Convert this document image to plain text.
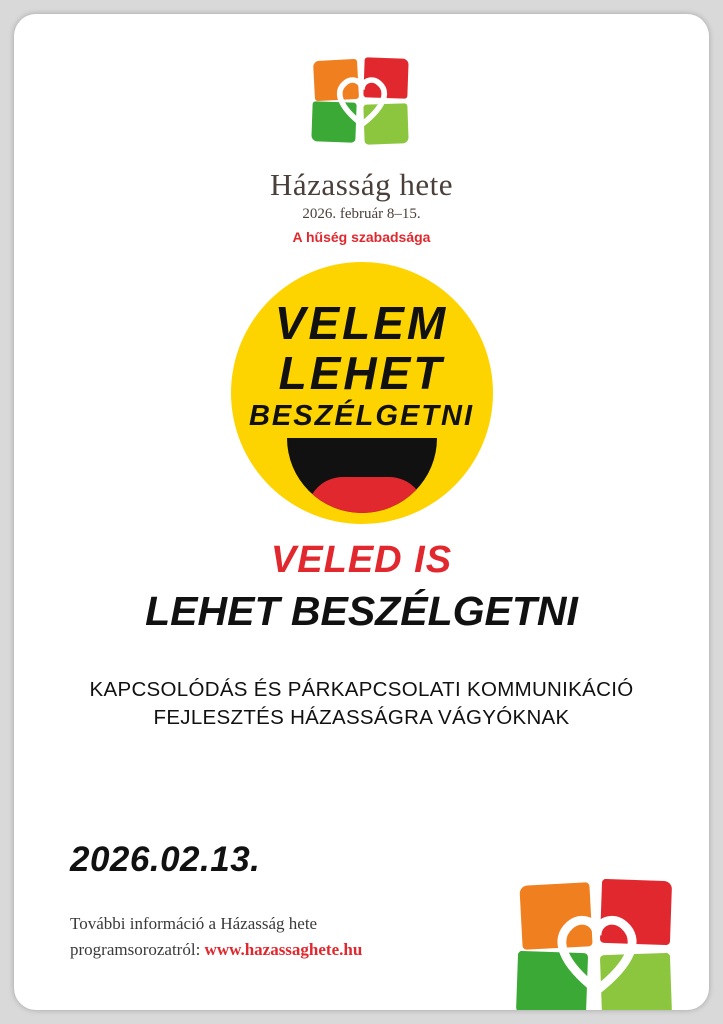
Házasság hete
2026. február 8–15.
A hűség szabadsága
VELEM
LEHET
BESZÉLGETNI
VELED IS
LEHET BESZÉLGETNI
KAPCSOLÓDÁS ÉS PÁRKAPCSOLATI KOMMUNIKÁCIÓ
FEJLESZTÉS HÁZASSÁGRA VÁGYÓKNAK
2026.02.13.
További információ a Házasság hete
programsorozatról: www.hazassaghete.hu
